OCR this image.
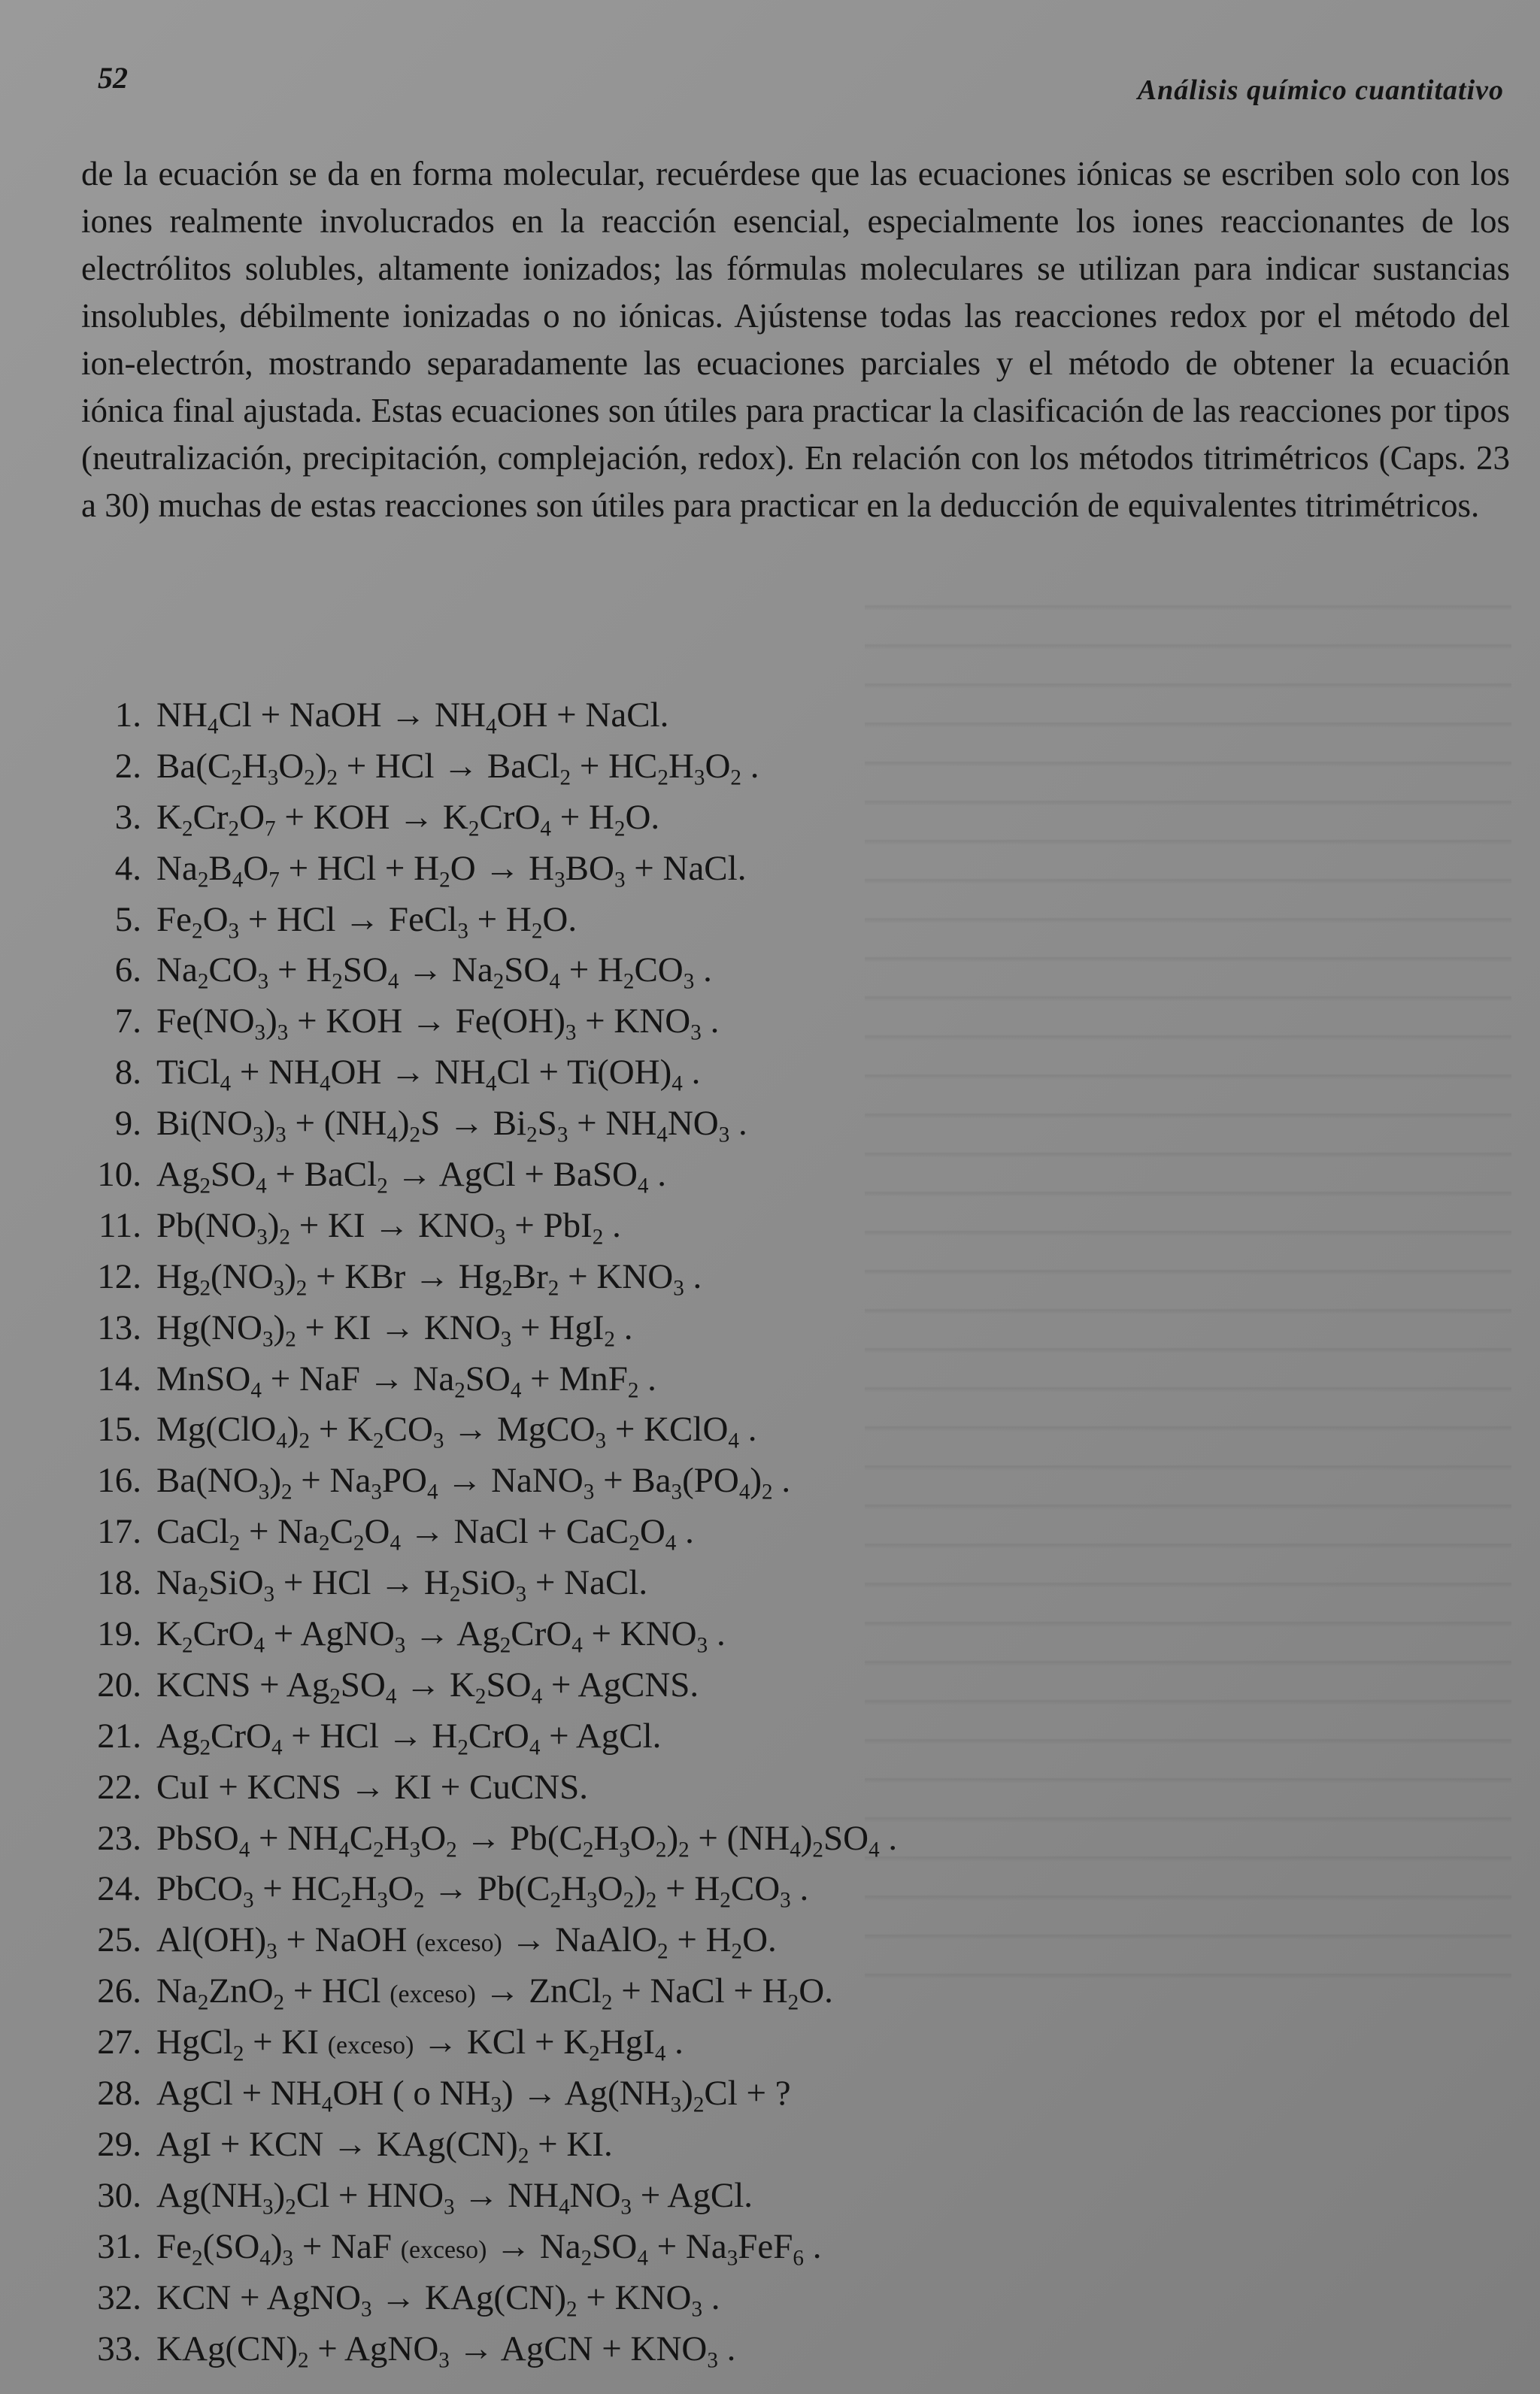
52	Análisis químico cuantitativo

de la ecuación se da en forma molecular, recuérdese que las ecuaciones iónicas se escriben solo con los iones realmente involucrados en la reacción esencial, especialmente los iones reaccionantes de los electrólitos solubles, altamente ionizados; las fórmulas moleculares se utilizan para indicar sustancias insolubles, débilmente ionizadas o no iónicas. Ajústense todas las reacciones redox por el método del ion-electrón, mostrando separadamente las ecuaciones parciales y el método de obtener la ecuación iónica final ajustada. Estas ecuaciones son útiles para practicar la clasificación de las reacciones por tipos (neutralización, precipitación, complejación, redox). En relación con los métodos titrimétricos (Caps. 23 a 30) muchas de estas reacciones son útiles para practicar en la deducción de equivalentes titrimétricos.

1. $NH_4Cl$ + NaOH → $NH_4OH$ + NaCl.
2. $Ba(C_2H_3O_2)_2$ + HCl → BaCl$_2$ + $HC_2H_3O_2$ .
3. $K_2Cr_2O_7$ + KOH → $K_2CrO_4 + H_2O$.
4. $Na_2B_4O_7$ + HCl + $H_2O \to H_3BO_3$ + NaCl.
5. $Fe_2O_3$ + HCl → FeCl$_3$ + $H_2O$.
6. $Na_2CO_3 + H_2SO_4 \to Na_2SO_4 + H_2CO_3$ .
7. $Fe(NO_3)_3$ + KOH → $Fe(OH)_3 + KNO_3$ .
8. TiCl$_4$ + $NH_4OH \to NH_4Cl + Ti(OH)_4$ .
9. $Bi(NO_3)_3 + (NH_4)_2S \to Bi_2S_3 + NH_4NO_3$ .
10. $Ag_2SO_4$ + BaCl$_2$ → AgCl + BaSO$_4$ .
11. $Pb(NO_3)_2$ + KI → $KNO_3 + PbI_2$ .
12. $Hg_2(NO_3)_2$ + KBr → $Hg_2Br_2 + KNO_3$ .
13. $Hg(NO_3)_2$ + KI → $KNO_3 + HgI_2$ .
14. MnSO$_4$ + NaF → $Na_2SO_4 + MnF_2$ .
15. $Mg(ClO_4)_2 + K_2CO_3$ → MgCO$_3$ + KClO$_4$ .
16. $Ba(NO_3)_2 + Na_3PO_4$ → NaNO$_3$ + $Ba_3(PO_4)_2$ .
17. CaCl$_2$ + $Na_2C_2O_4$ → NaCl + $CaC_2O_4$ .
18. $Na_2SiO_3$ + HCl → $H_2SiO_3$ + NaCl.
19. $K_2CrO_4$ + AgNO$_3$ → $Ag_2CrO_4 + KNO_3$ .
20. KCNS + $Ag_2SO_4 \to K_2SO_4$ + AgCNS.
21. $Ag_2CrO_4$ + HCl → $H_2CrO_4$ + AgCl.
22. CuI + KCNS → KI + CuCNS.
23. PbSO$_4$ + $NH_4C_2H_3O_2 \to Pb(C_2H_3O_2)_2 + (NH_4)_2SO_4$ .
24. PbCO$_3$ + $HC_2H_3O_2 \to Pb(C_2H_3O_2)_2 + H_2CO_3$ .
25. $Al(OH)_3$ + NaOH (exceso) → NaAlO$_2$ + $H_2O$.
26. $Na_2ZnO_2$ + HCl (exceso) → ZnCl$_2$ + NaCl + $H_2O$.
27. HgCl$_2$ + KI (exceso) → KCl + $K_2HgI_4$ .
28. AgCl + $NH_4OH$ ( o $NH_3) \to Ag(NH_3)_2Cl$ + ?
29. AgI + KCN → $KAg(CN)_2$ + KI.
30. $Ag(NH_3)_2Cl + HNO_3 \to NH_4NO_3$ + AgCl.
31. $Fe_2(SO_4)_3$ + NaF (exceso) → $Na_2SO_4 + Na_3FeF_6$ .
32. KCN + AgNO$_3$ → $KAg(CN)_2 + KNO_3$ .
33. $KAg(CN)_2$ + AgNO$_3$ → AgCN + $KNO_3$ .
